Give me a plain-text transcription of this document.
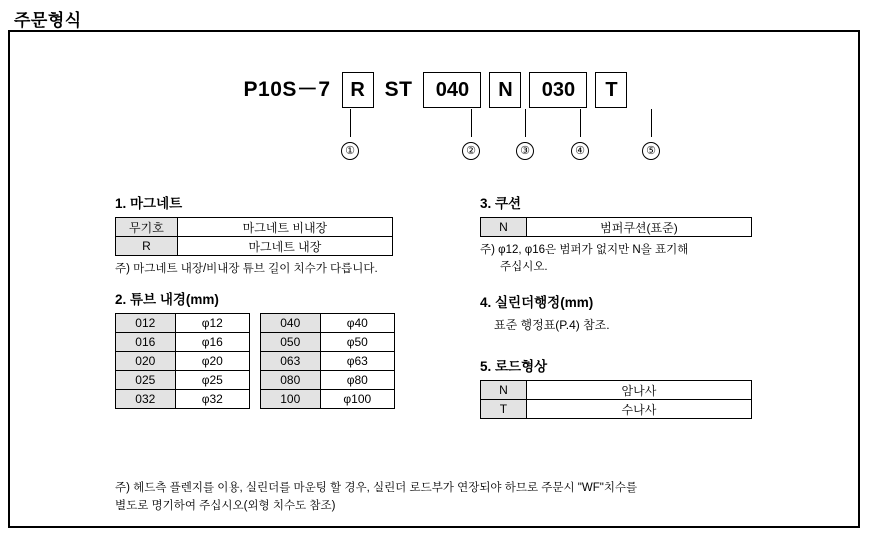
주문형식
P10S－7 R ST	040	N	030	T
①	②	③	④	⑤
1. 마그네트
무기호	마그네트 비내장
R	마그네트 내장
주) 마그네트 내장/비내장 튜브 길이 치수가 다릅니다.
2. 튜브 내경(mm)
012	φ12
016	φ16
020	φ20
025	φ25
032	φ32
040	φ40
050	φ50
063	φ63
080	φ80
100	φ100
3. 쿠션
N	범퍼쿠션(표준)
주) φ12, φ16은 범퍼가 없지만 N을 표기해
주십시오.
4. 실린더행정(mm)
표준 행정표(P.4) 참조.
5. 로드형상
N	암나사
T	수나사
주) 헤드측 플렌지를 이용, 실린더를 마운팅 할 경우, 실린더 로드부가 연장되야 하므로 주문시 "WF"치수를
별도로 명기하여 주십시오(외형 치수도 참조)
